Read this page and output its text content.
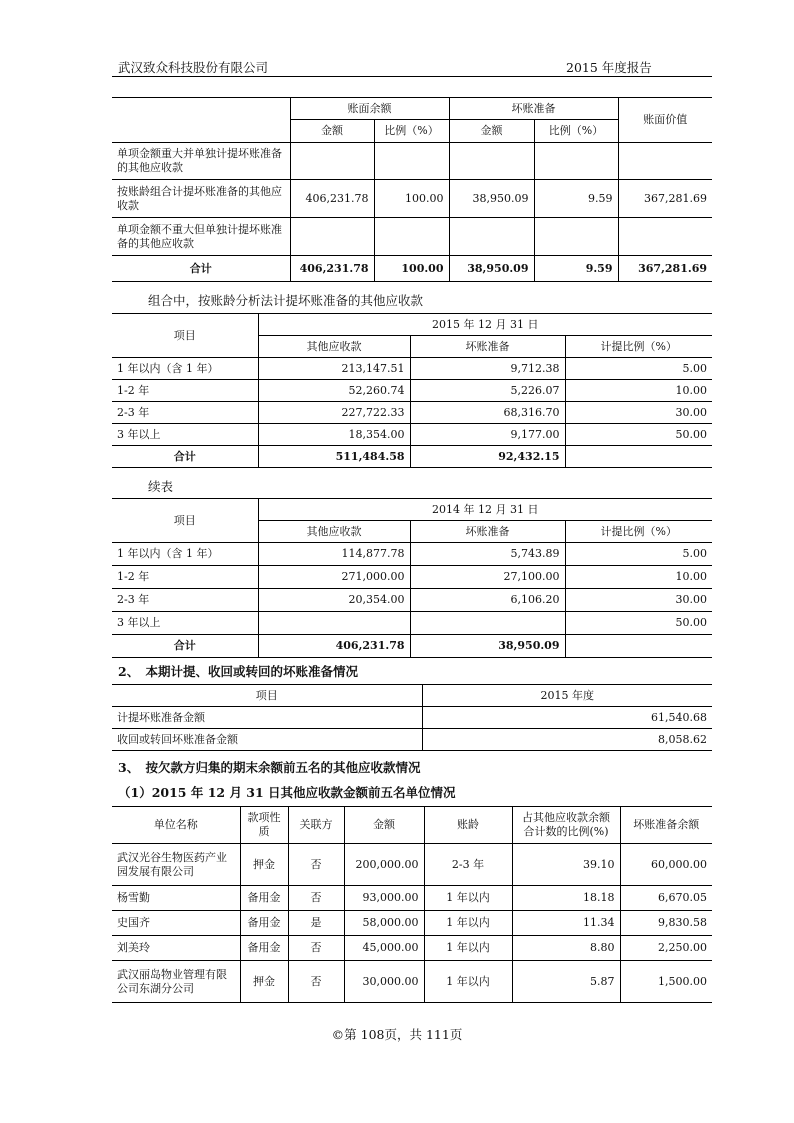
武汉致众科技股份有限公司	2015 年度报告
	账面余额		坏账准备		账面价值
	金额	比例（%）	金额	比例（%）	
单项金额重大并单独计提坏账准备的其他应收款					
按账龄组合计提坏账准备的其他应收款	406,231.78	100.00	38,950.09	9.59	367,281.69
单项金额不重大但单独计提坏账准备的其他应收款					
合计	406,231.78	100.00	38,950.09	9.59	367,281.69
组合中，按账龄分析法计提坏账准备的其他应收款
项目	2015 年 12 月 31 日		
	其他应收款	坏账准备	计提比例（%）
1 年以内（含 1 年）	213,147.51	9,712.38	5.00
1-2 年	52,260.74	5,226.07	10.00
2-3 年	227,722.33	68,316.70	30.00
3 年以上	18,354.00	9,177.00	50.00
合计	511,484.58	92,432.15	
续表
项目	2014 年 12 月 31 日		
	其他应收款	坏账准备	计提比例（%）
1 年以内（含 1 年）	114,877.78	5,743.89	5.00
1-2 年	271,000.00	27,100.00	10.00
2-3 年	20,354.00	6,106.20	30.00
3 年以上			50.00
合计	406,231.78	38,950.09	
2、　本期计提、收回或转回的坏账准备情况
项目	2015 年度
计提坏账准备金额	61,540.68
收回或转回坏账准备金额	8,058.62
3、　按欠款方归集的期末余额前五名的其他应收款情况
（1）2015 年 12 月 31 日其他应收款金额前五名单位情况
单位名称	款项性质	关联方	金额	账龄	占其他应收款余额合计数的比例(%)	坏账准备余额
武汉光谷生物医药产业园发展有限公司	押金	否	200,000.00	2-3 年	39.10	60,000.00
杨雪勤	备用金	否	93,000.00	1 年以内	18.18	6,670.05
史国齐	备用金	是	58,000.00	1 年以内	11.34	9,830.58
刘美玲	备用金	否	45,000.00	1 年以内	8.80	2,250.00
武汉丽岛物业管理有限公司东湖分公司	押金	否	30,000.00	1 年以内	5.87	1,500.00
©第 108页，共 111页
